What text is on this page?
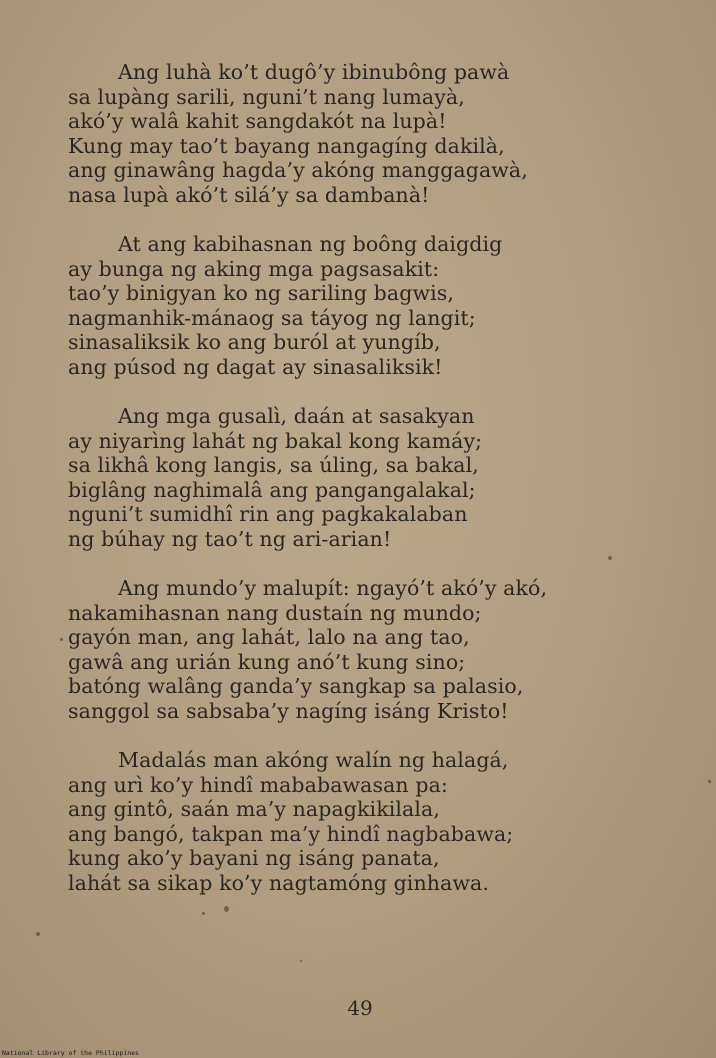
Ang luhà ko’t dugô’y ibinubông pawà
sa lupàng sarili, nguni’t nang lumayà,
akó’y walâ kahit sangdakót na lupà!
Kung may tao’t bayang nangagíng dakilà,
ang ginawâng hagda’y akóng manggagawà,
nasa lupà akó’t silá’y sa dambanà!
At ang kabihasnan ng boông daigdig
ay bunga ng aking mga pagsasakit:
tao’y binigyan ko ng sariling bagwis,
nagmanhik-mánaog sa táyog ng langit;
sinasaliksik ko ang buról at yungíb,
ang púsod ng dagat ay sinasaliksik!
Ang mga gusalì, daán at sasakyan
ay niyarìng lahát ng bakal kong kamáy;
sa likhâ kong langis, sa úling, sa bakal,
biglâng naghimalâ ang pangangalakal;
nguni’t sumidhî rin ang pagkakalaban
ng búhay ng tao’t ng ari-arian!
Ang mundo’y malupít: ngayó’t akó’y akó,
nakamihasnan nang dustaín ng mundo;
gayón man, ang lahát, lalo na ang tao,
gawâ ang urián kung anó’t kung sino;
batóng walâng ganda’y sangkap sa palasio,
sanggol sa sabsaba’y nagíng isáng Kristo!
Madalás man akóng walín ng halagá,
ang urì ko’y hindî mababawasan pa:
ang gintô, saán ma’y napagkikilala,
ang bangó, takpan ma’y hindî nagbabawa;
kung ako’y bayani ng isáng panata,
lahát sa sikap ko’y nagtamóng ginhawa.
49
National Library of the Philippines
